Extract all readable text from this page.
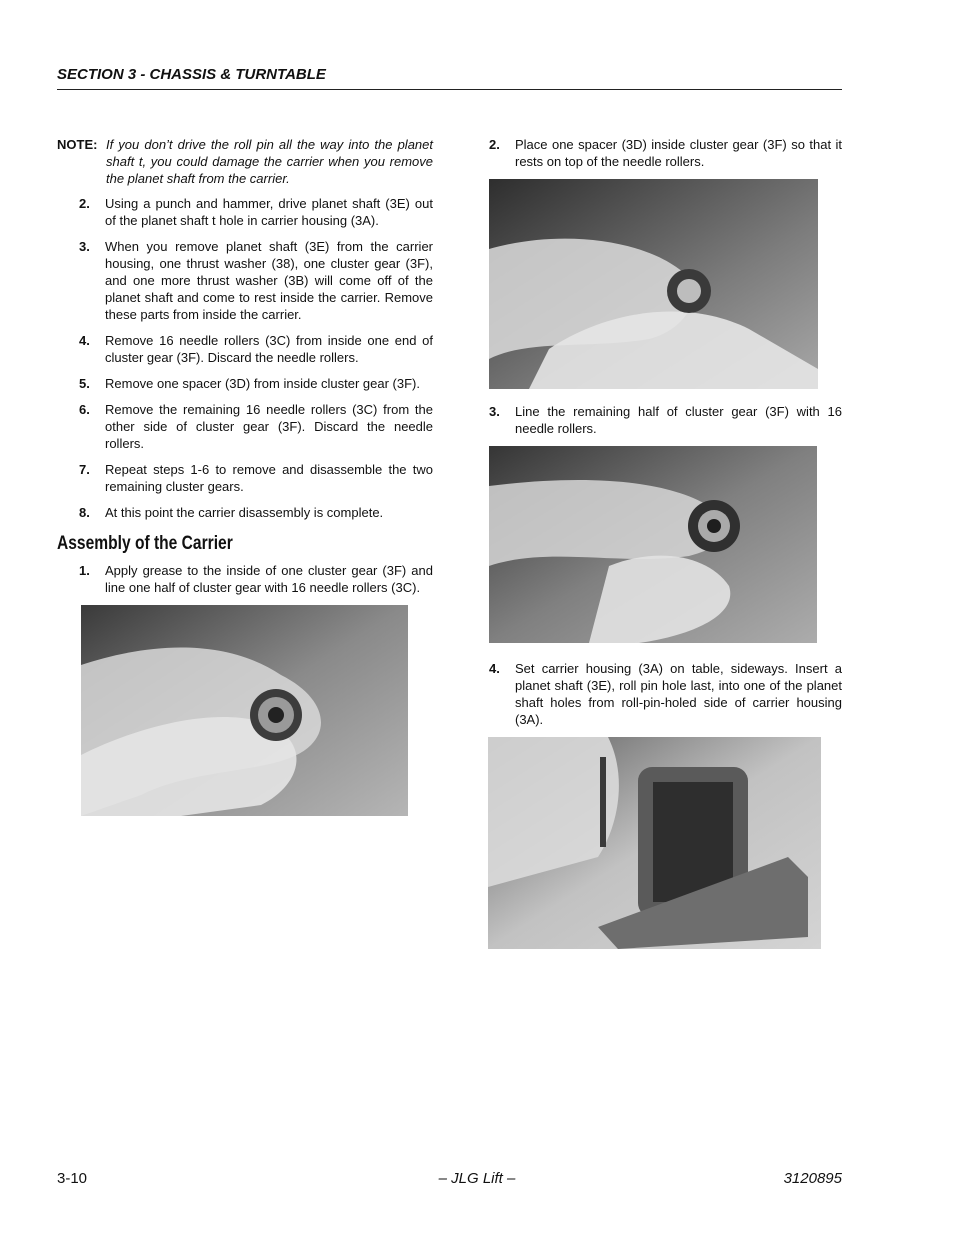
SECTION 3 - CHASSIS & TURNTABLE
NOTE: If you don’t drive the roll pin all the way into the planet shaft t, you could damage the carrier when you remove the planet shaft from the carrier.
2.	Using a punch and hammer, drive planet shaft (3E) out of the planet shaft t hole in carrier housing (3A).
3.	When you remove planet shaft (3E) from the carrier housing, one thrust washer (38), one cluster gear (3F), and one more thrust washer (3B) will come off of the planet shaft and come to rest inside the carrier. Remove these parts from inside the carrier.
4.	Remove 16 needle rollers (3C) from inside one end of cluster gear (3F). Discard the needle rollers.
5.	Remove one spacer (3D) from inside cluster gear (3F).
6.	Remove the remaining 16 needle rollers (3C) from the other side of cluster gear (3F). Discard the needle rollers.
7.	Repeat steps 1-6 to remove and disassemble the two remaining cluster gears.
8.	At this point the carrier disassembly is complete.
Assembly of the Carrier
1.	Apply grease to the inside of one cluster gear (3F) and line one half of cluster gear with 16 needle rollers (3C).
2.	Place one spacer (3D) inside cluster gear (3F) so that it rests on top of the needle rollers.
3.	Line the remaining half of cluster gear (3F) with 16 needle rollers.
4.	Set carrier housing (3A) on table, sideways. Insert a planet shaft (3E), roll pin hole last, into one of the planet shaft holes from roll-pin-holed side of carrier housing (3A).
3-10	– JLG Lift –	3120895
